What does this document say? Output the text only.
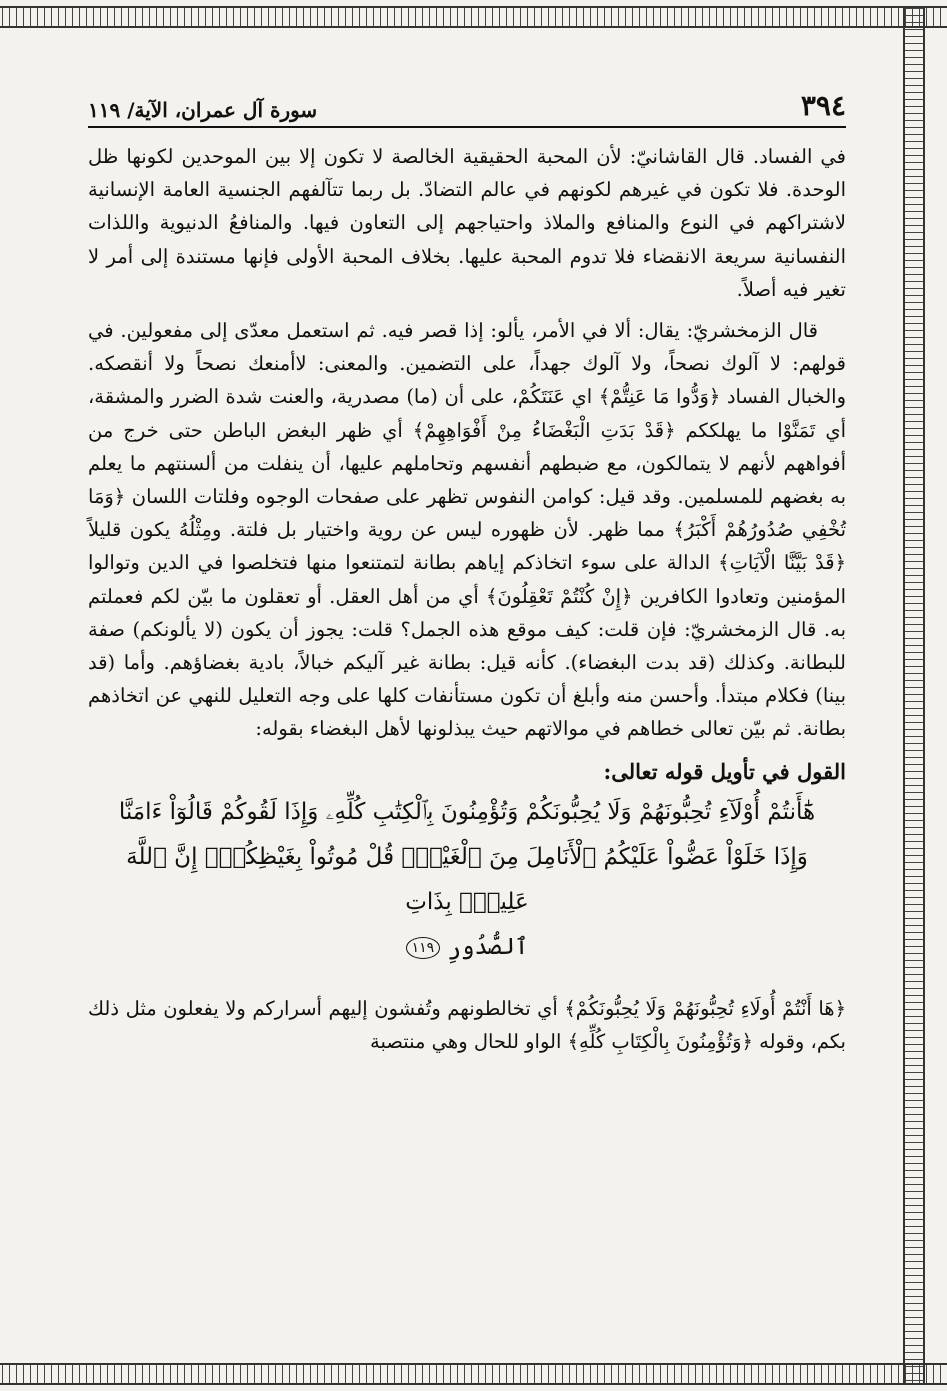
٣٩٤
سورة آل عمران، الآية/ ١١٩

في الفساد. قال القاشانيّ: لأن المحبة الحقيقية الخالصة لا تكون إلا بين الموحدين لكونها ظل الوحدة. فلا تكون في غيرهم لكونهم في عالم التضادّ. بل ربما تتآلفهم الجنسية العامة الإنسانية لاشتراكهم في النوع والمنافع والملاذ واحتياجهم إلى التعاون فيها. والمنافعُ الدنيوية واللذات النفسانية سريعة الانقضاء فلا تدوم المحبة عليها. بخلاف المحبة الأولى فإنها مستندة إلى أمر لا تغير فيه أصلاً.

قال الزمخشريّ: يقال: ألا في الأمر، يألو: إذا قصر فيه. ثم استعمل معدّى إلى مفعولين. في قولهم: لا آلوك نصحاً، ولا آلوك جهداً، على التضمين. والمعنى: لاأمنعك نصحاً ولا أنقصكه. والخبال الفساد ﴿وَدُّوا مَا عَنِتُّمْ﴾ اي عَنَتَكُمْ، على أن (ما) مصدرية، والعنت شدة الضرر والمشقة، أي تَمَنَّوْا ما يهلككم ﴿قَدْ بَدَتِ الْبَغْضَاءُ مِنْ أَفْوَاهِهِمْ﴾ أي ظهر البغض الباطن حتى خرج من أفواههم لأنهم لا يتمالكون، مع ضبطهم أنفسهم وتحاملهم عليها، أن ينفلت من ألسنتهم ما يعلم به بغضهم للمسلمين. وقد قيل: كوامن النفوس تظهر على صفحات الوجوه وفلتات اللسان ﴿وَمَا تُخْفِي صُدُورُهُمْ أَكْبَرُ﴾ مما ظهر. لأن ظهوره ليس عن روية واختيار بل فلتة. ومِثْلُهُ يكون قليلاً ﴿قَدْ بَيَّنَّا الْآيَاتِ﴾ الدالة على سوء اتخاذكم إياهم بطانة لتمتنعوا منها فتخلصوا في الدين وتوالوا المؤمنين وتعادوا الكافرين ﴿إِنْ كُنْتُمْ تَعْقِلُونَ﴾ أي من أهل العقل. أو تعقلون ما بيّن لكم فعملتم به. قال الزمخشريّ: فإن قلت: كيف موقع هذه الجمل؟ قلت: يجوز أن يكون (لا يألونكم) صفة للبطانة. وكذلك (قد بدت البغضاء). كأنه قيل: بطانة غير آليكم خبالاً، بادية بغضاؤهم. وأما (قد بينا) فكلام مبتدأ. وأحسن منه وأبلغ أن تكون مستأنفات كلها على وجه التعليل للنهي عن اتخاذهم بطانة. ثم بيّن تعالى خطاهم في موالاتهم حيث يبذلونها لأهل البغضاء بقوله:

القول في تأويل قوله تعالى:
هَٰٓأَنتُمْ أُوْلَآءِ تُحِبُّونَهُمْ وَلَا يُحِبُّونَكُمْ وَتُؤْمِنُونَ بِٱلْكِتَٰبِ كُلِّهِۦ وَإِذَا لَقُوكُمْ قَالُوٓاْ ءَامَنَّا
وَإِذَا خَلَوْاْ عَضُّواْ عَلَيْكُمُ ٱلْأَنَامِلَ مِنَ ٱلْغَيْظِۚ قُلْ مُوتُواْ بِغَيْظِكُمْۗ إِنَّ ٱللَّهَ عَلِيمُۢ بِذَاتِ
ٱلصُّدُورِ ١١٩

﴿هَا أَنْتُمْ أُولَاءِ تُحِبُّونَهُمْ وَلَا يُحِبُّونَكُمْ﴾ أي تخالطونهم وتُفشون إليهم أسراركم ولا يفعلون مثل ذلك بكم، وقوله ﴿وَتُؤْمِنُونَ بِالْكِتَابِ كُلِّهِ﴾ الواو للحال وهي منتصبة
